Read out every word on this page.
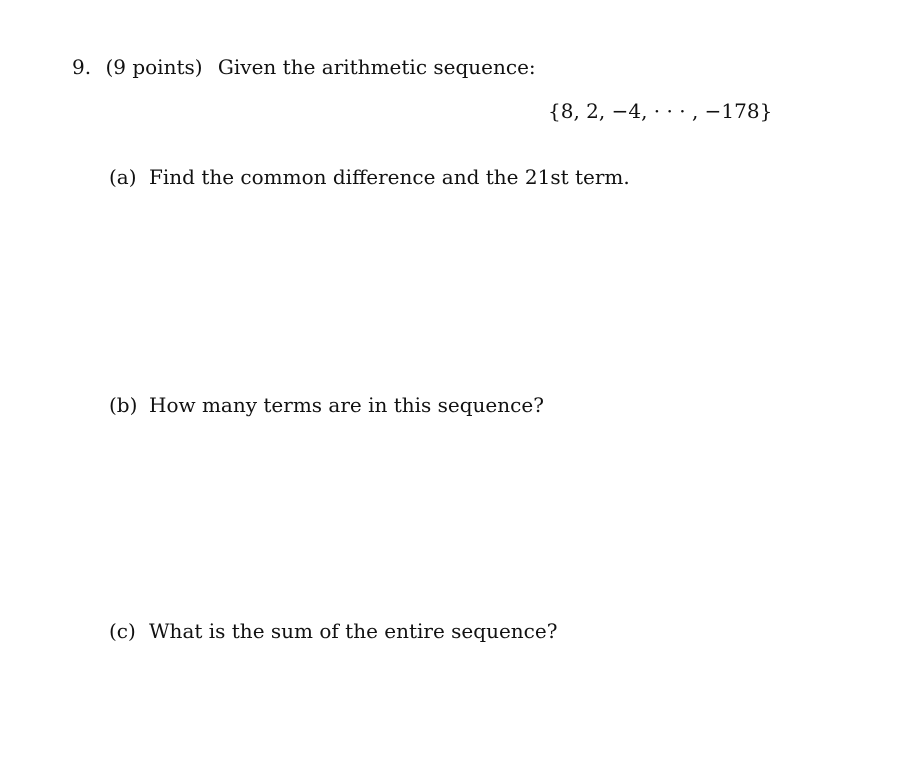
9. (9 points) Given the arithmetic sequence:
{8, 2, −4, · · · , −178}
(a) Find the common difference and the 21st term.
(b) How many terms are in this sequence?
(c) What is the sum of the entire sequence?
